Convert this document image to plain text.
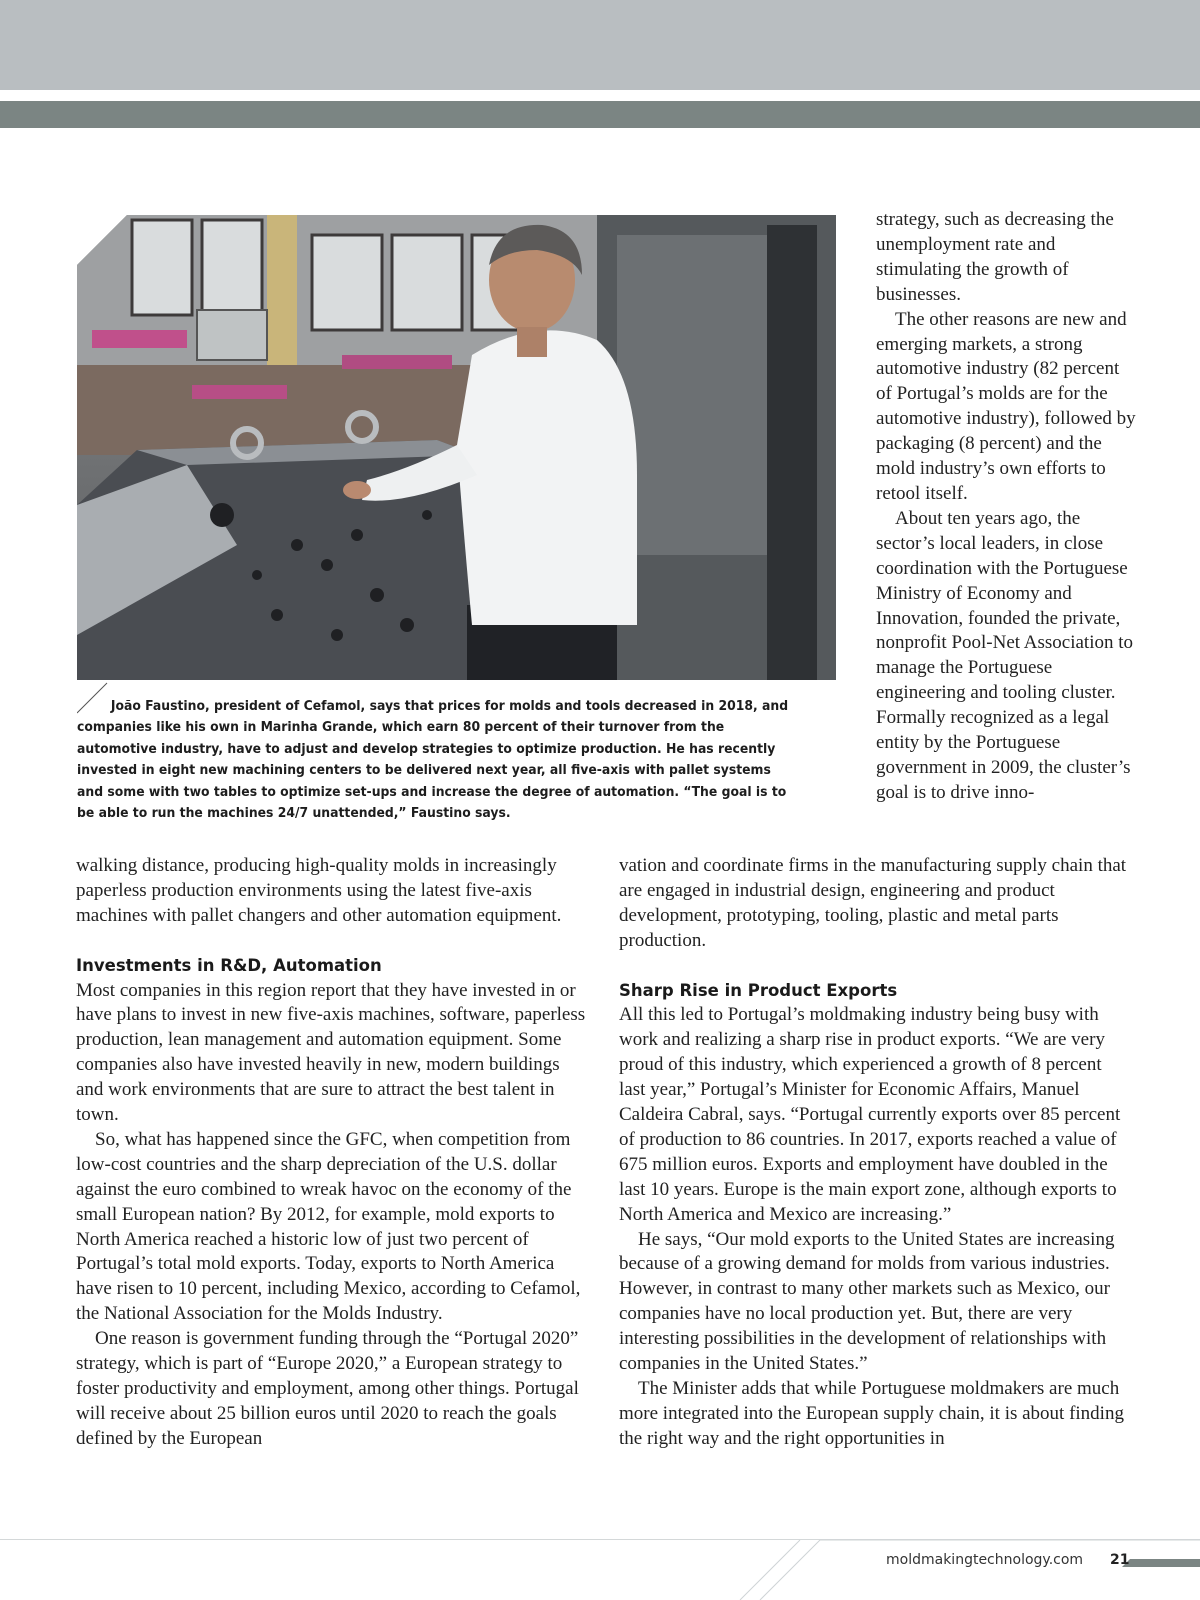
João Faustino, president of Cefamol, says that prices for molds and tools decreased in 2018, and companies like his own in Marinha Grande, which earn 80 percent of their turnover from the automotive industry, have to adjust and develop strategies to optimize production. He has recently invested in eight new machining centers to be delivered next year, all five-axis with pallet systems and some with two tables to optimize set-ups and increase the degree of automation. “The goal is to be able to run the machines 24/7 unattended,” Faustino says.

strategy, such as decreasing the unemployment rate and stimulating the growth of businesses.

The other reasons are new and emerging markets, a strong automotive industry (82 percent of Portugal’s molds are for the automotive industry), followed by packaging (8 percent) and the mold industry’s own efforts to retool itself.

About ten years ago, the sector’s local leaders, in close coordination with the Portuguese Ministry of Economy and Innovation, founded the private, nonprofit Pool-Net Association to manage the Portuguese engineering and tooling cluster. Formally recognized as a legal entity by the Portuguese government in 2009, the cluster’s goal is to drive inno-

walking distance, producing high-quality molds in increasingly paperless production environments using the latest five-axis machines with pallet changers and other automation equipment.

Investments in R&D, Automation

Most companies in this region report that they have invested in or have plans to invest in new five-axis machines, software, paperless production, lean management and automation equipment. Some companies also have invested heavily in new, modern buildings and work environments that are sure to attract the best talent in town.

So, what has happened since the GFC, when competition from low-cost countries and the sharp depreciation of the U.S. dollar against the euro combined to wreak havoc on the economy of the small European nation? By 2012, for example, mold exports to North America reached a historic low of just two percent of Portugal’s total mold exports. Today, exports to North America have risen to 10 percent, including Mexico, according to Cefamol, the National Association for the Molds Industry.

One reason is government funding through the “Portugal 2020” strategy, which is part of “Europe 2020,” a European strategy to foster productivity and employment, among other things. Portugal will receive about 25 billion euros until 2020 to reach the goals defined by the European

vation and coordinate firms in the manufacturing supply chain that are engaged in industrial design, engineering and product development, prototyping, tooling, plastic and metal parts production.

Sharp Rise in Product Exports

All this led to Portugal’s moldmaking industry being busy with work and realizing a sharp rise in product exports. “We are very proud of this industry, which experienced a growth of 8 percent last year,” Portugal’s Minister for Economic Affairs, Manuel Caldeira Cabral, says. “Portugal currently exports over 85 percent of production to 86 countries. In 2017, exports reached a value of 675 million euros. Exports and employment have doubled in the last 10 years. Europe is the main export zone, although exports to North America and Mexico are increasing.”

He says, “Our mold exports to the United States are increasing because of a growing demand for molds from various industries. However, in contrast to many other markets such as Mexico, our companies have no local production yet. But, there are very interesting possibilities in the development of relationships with companies in the United States.”

The Minister adds that while Portuguese moldmakers are much more integrated into the European supply chain, it is about finding the right way and the right opportunities in

moldmakingtechnology.com 21
